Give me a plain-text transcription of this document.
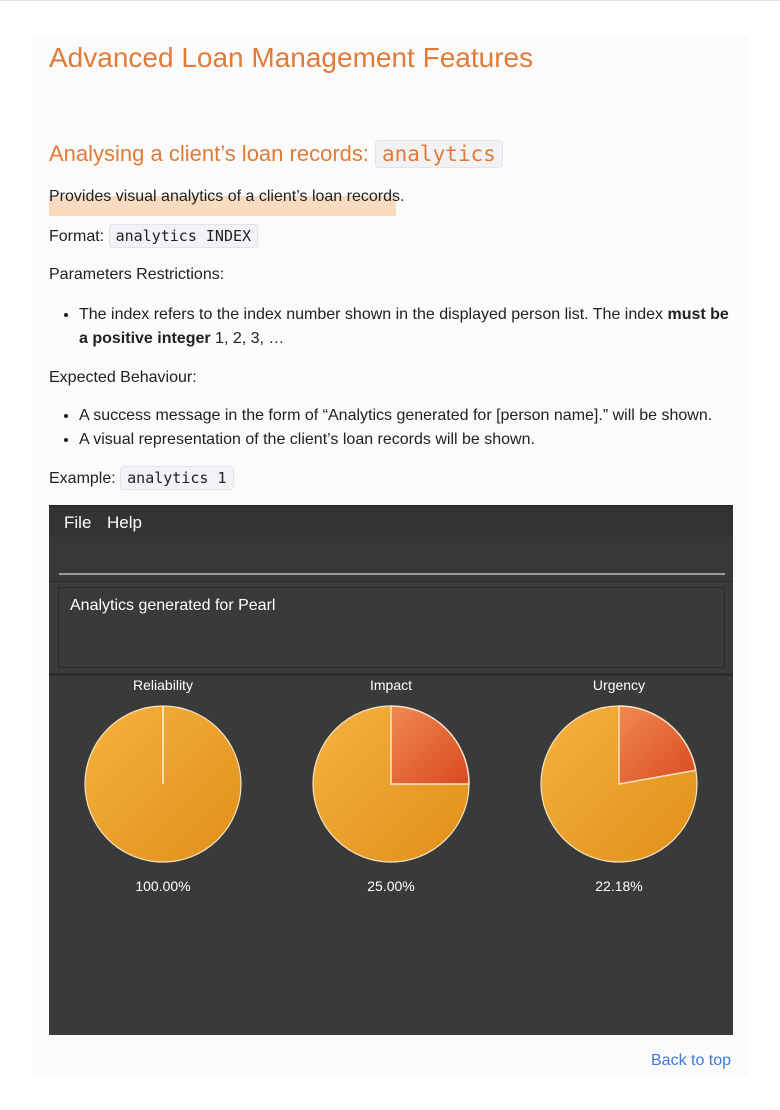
Advanced Loan Management Features
Analysing a client’s loan records: analytics

Provides visual analytics of a client’s loan records.

Format: analytics INDEX

Parameters Restrictions:

• The index refers to the index number shown in the displayed person list. The index must be a positive integer 1, 2, 3, …

Expected Behaviour:

• A success message in the form of “Analytics generated for [person name].” will be shown.
• A visual representation of the client’s loan records will be shown.

Example: analytics 1

File Help
Analytics generated for Pearl
Reliability
100.00%
Impact
25.00%
Urgency
22.18%
Back to top
